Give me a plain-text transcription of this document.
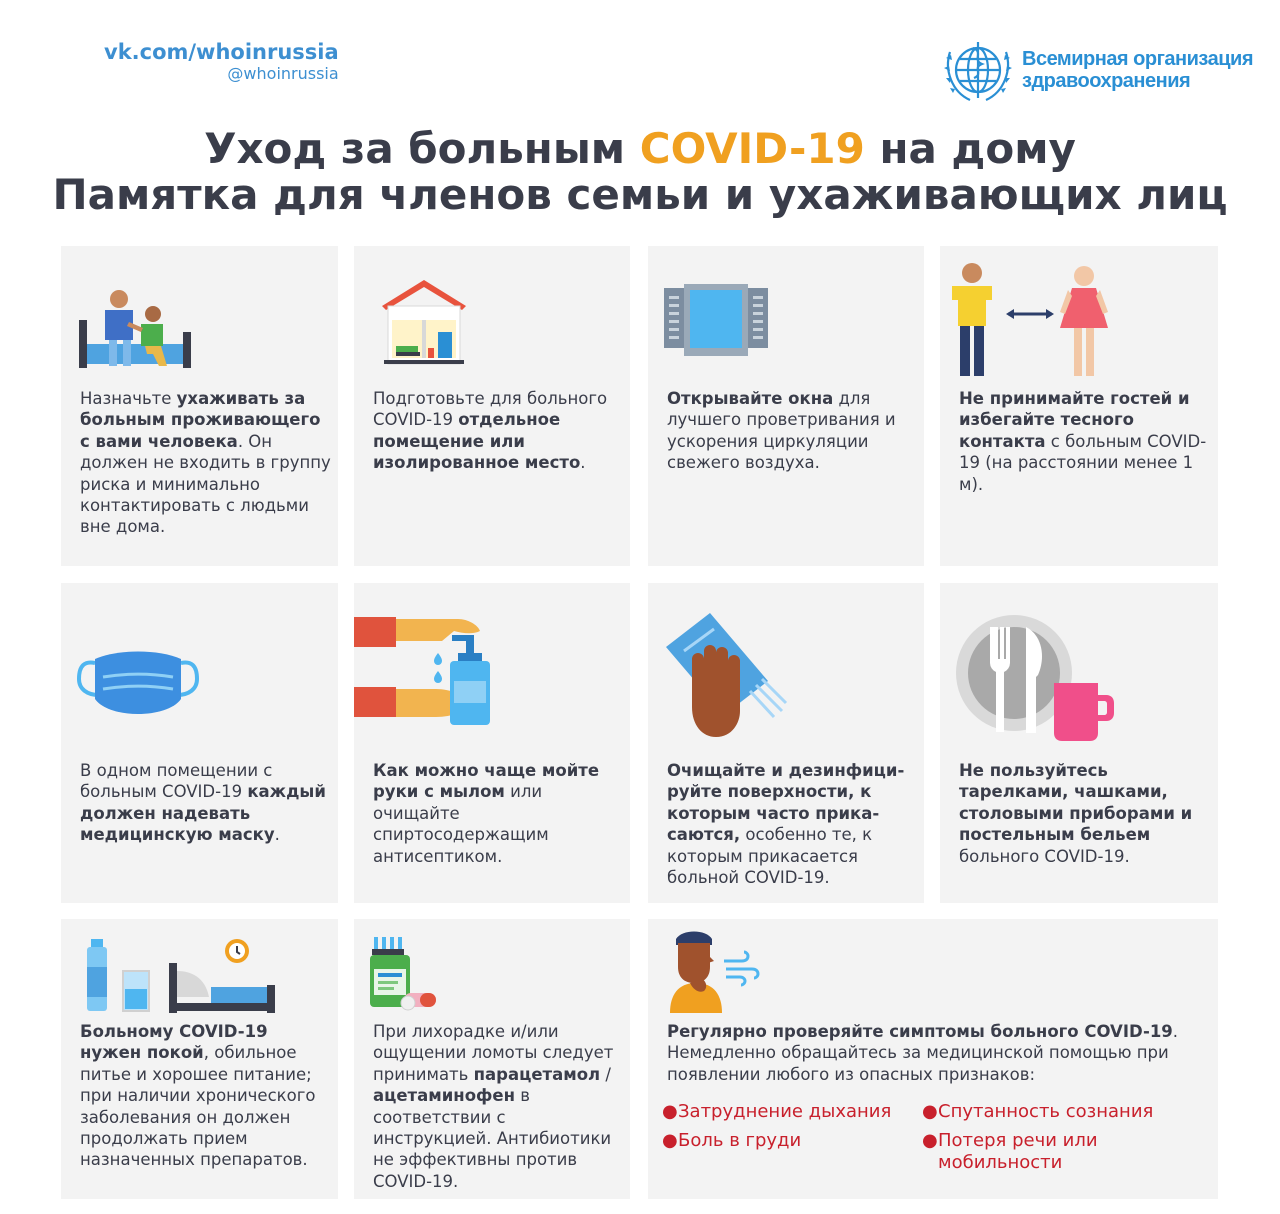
vk.com/whoinrussia
@whoinrussia
Всемирная организация
здравоохранения
Уход за больным COVID-19 на дому
Памятка для членов семьи и ухаживающих лиц
Назначьте ухаживать за больным проживающего с вами человека. Он должен не входить в группу риска и минимально контактировать с людьми вне дома.
Подготовьте для больного COVID-19 отдельное помещение или изолированное место.
Открывайте окна для лучшего проветривания и ускорения циркуляции свежего воздуха.
Не принимайте гостей и избегайте тесного контакта с больным COVID-19 (на расстоянии менее 1 м).
В одном помещении с больным COVID-19 каждый должен надевать медицинскую маску.
Как можно чаще мойте руки с мылом или очищайте спиртосодержащим антисептиком.
Очищайте и дезинфици-руйте поверхности, к которым часто прика-саются, особенно те, к которым прикасается больной COVID-19.
Не пользуйтесь тарелками, чашками, столовыми приборами и постельным бельем больного COVID-19.
Больному COVID-19 нужен покой, обильное питье и хорошее питание; при наличии хронического заболевания он должен продолжать прием назначенных препаратов.
При лихорадке и/или ощущении ломоты следует принимать парацетамол / ацетаминофен в соответствии с инструкцией. Антибиотики не эффективны против COVID-19.
Регулярно проверяйте симптомы больного COVID-19. Немедленно обращайтесь за медицинской помощью при появлении любого из опасных признаков:
●Затруднение дыхания
●Боль в груди
●Спутанность сознания
● Потеря речи или мобильности
